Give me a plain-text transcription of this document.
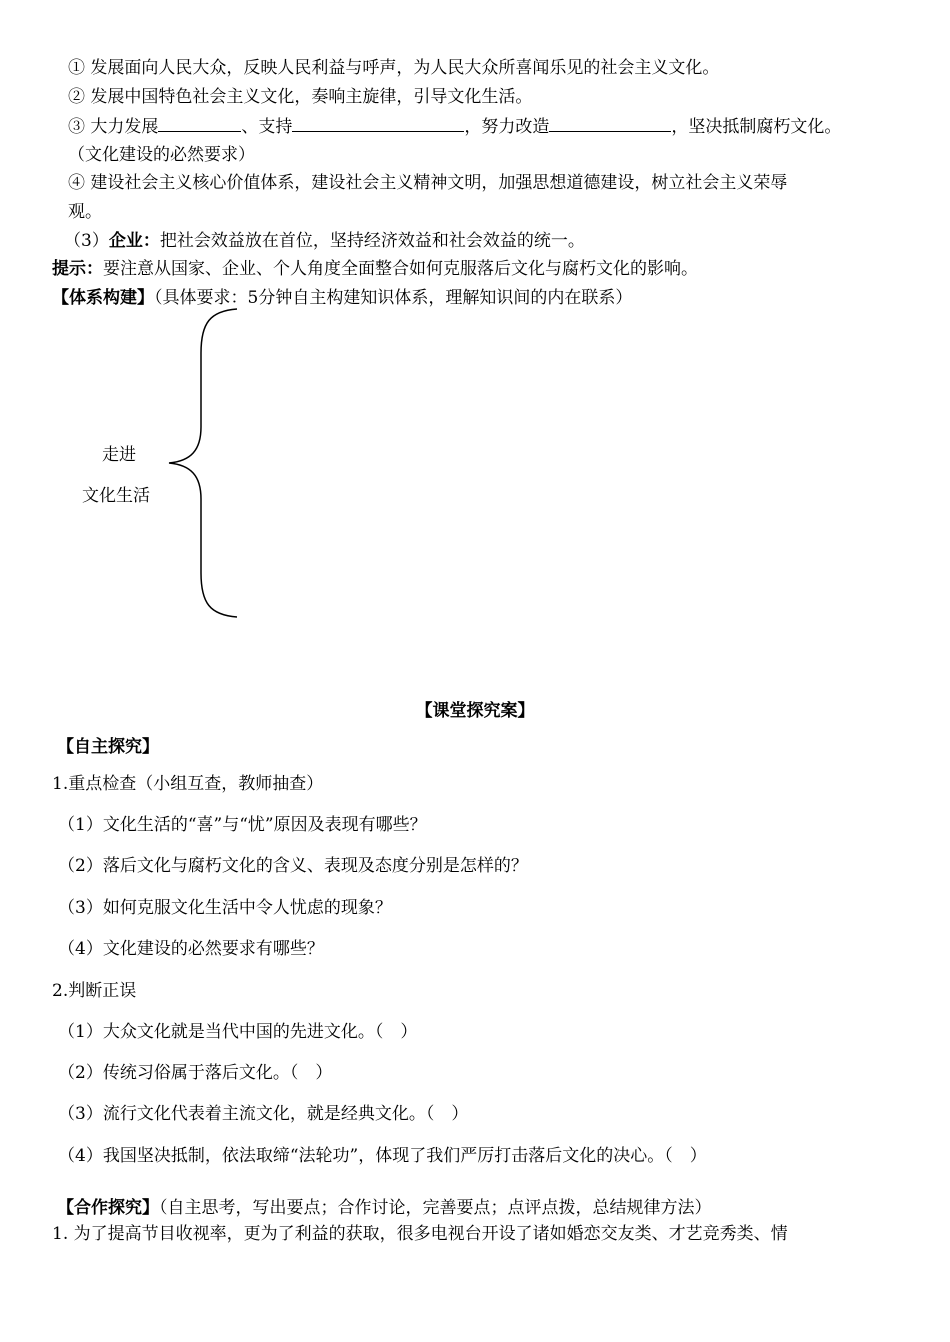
① 发展面向人民大众，反映人民利益与呼声，为人民大众所喜闻乐见的社会主义文化。
② 发展中国特色社会主义文化，奏响主旋律，引导文化生活。
③ 大力发展	、支持	，努力改造	，坚决抵制腐朽文化。
（文化建设的必然要求）
④ 建设社会主义核心价值体系，建设社会主义精神文明，加强思想道德建设，树立社会主义荣辱
观。
（3）企业：把社会效益放在首位，坚持经济效益和社会效益的统一。
提示：要注意从国家、企业、个人角度全面整合如何克服落后文化与腐朽文化的影响。
【体系构建】（具体要求：5分钟自主构建知识体系，理解知识间的内在联系）
走进
文化生活
【课堂探究案】
【自主探究】
1.重点检查（小组互查，教师抽查）
（1）文化生活的“喜”与“忧”原因及表现有哪些？
（2）落后文化与腐朽文化的含义、表现及态度分别是怎样的？
（3）如何克服文化生活中令人忧虑的现象？
（4）文化建设的必然要求有哪些？
2.判断正误
（1）大众文化就是当代中国的先进文化。（　）
（2）传统习俗属于落后文化。（　）
（3）流行文化代表着主流文化，就是经典文化。（　）
（4）我国坚决抵制，依法取缔“法轮功”，体现了我们严厉打击落后文化的决心。（　）
【合作探究】（自主思考，写出要点；合作讨论，完善要点；点评点拨，总结规律方法）
1. 为了提高节目收视率，更为了利益的获取，很多电视台开设了诸如婚恋交友类、才艺竞秀类、情
